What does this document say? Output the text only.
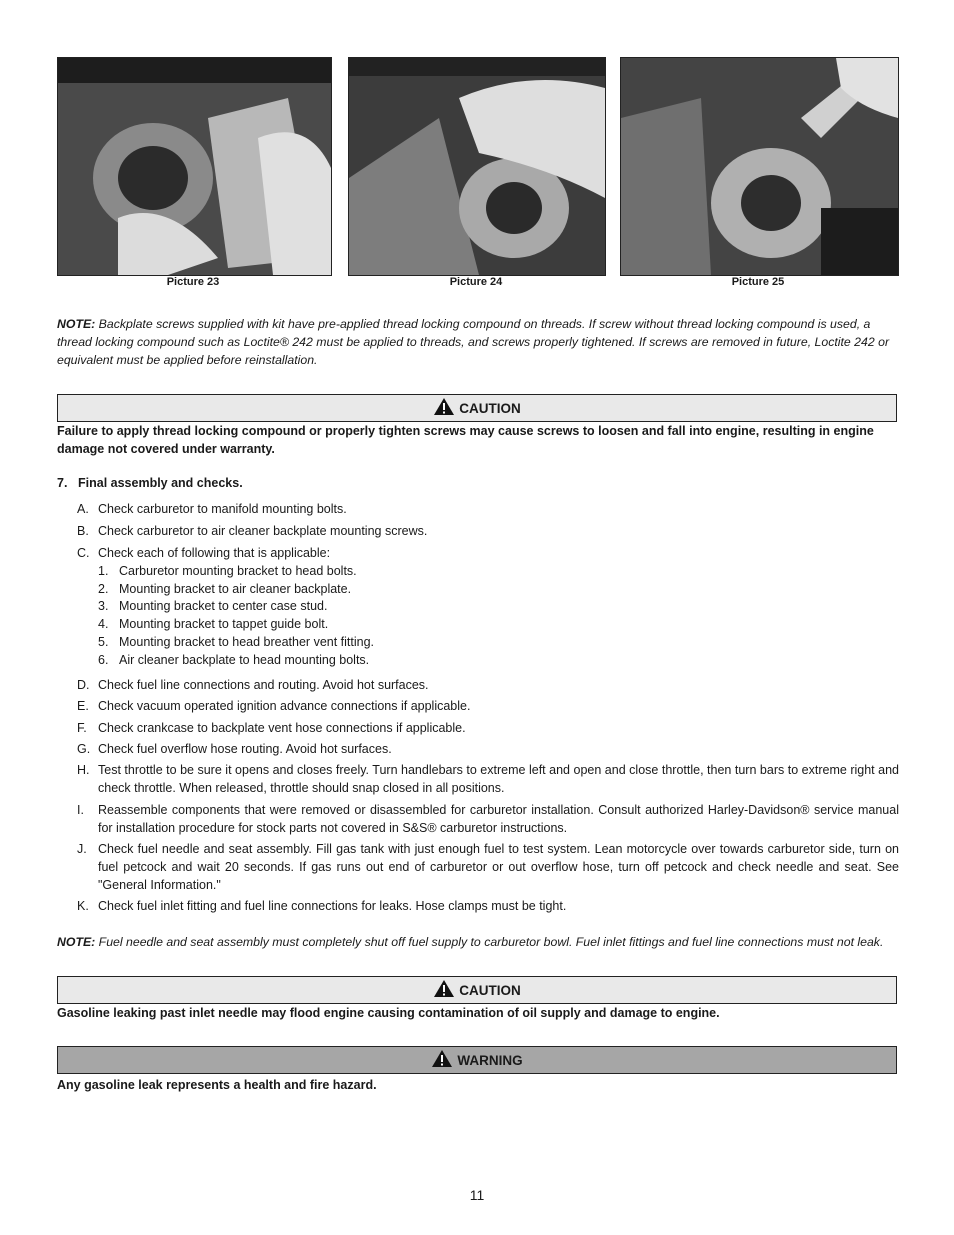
Picture 23	Picture 24	Picture 25
NOTE: Backplate screws supplied with kit have pre-applied thread locking compound on threads. If screw without thread locking compound is used, a thread locking compound such as Loctite® 242 must be applied to threads, and screws properly tightened. If screws are removed in future, Loctite 242 or equivalent must be applied before reinstallation.
CAUTION
Failure to apply thread locking compound or properly tighten screws may cause screws to loosen and fall into engine, resulting in engine damage not covered under warranty.
7. Final assembly and checks.
A. Check carburetor to manifold mounting bolts.
B. Check carburetor to air cleaner backplate mounting screws.
C. Check each of following that is applicable:
1. Carburetor mounting bracket to head bolts.
2. Mounting bracket to air cleaner backplate.
3. Mounting bracket to center case stud.
4. Mounting bracket to tappet guide bolt.
5. Mounting bracket to head breather vent fitting.
6. Air cleaner backplate to head mounting bolts.
D. Check fuel line connections and routing. Avoid hot surfaces.
E. Check vacuum operated ignition advance connections if applicable.
F. Check crankcase to backplate vent hose connections if applicable.
G. Check fuel overflow hose routing. Avoid hot surfaces.
H. Test throttle to be sure it opens and closes freely. Turn handlebars to extreme left and open and close throttle, then turn bars to extreme right and check throttle. When released, throttle should snap closed in all positions.
I.	Reassemble components that were removed or disassembled for carburetor installation. Consult authorized Harley-Davidson® service manual for installation procedure for stock parts not covered in S&S® carburetor instructions.
J. Check fuel needle and seat assembly. Fill gas tank with just enough fuel to test system. Lean motorcycle over towards carburetor side, turn on fuel petcock and wait 20 seconds. If gas runs out end of carburetor or out overflow hose, turn off petcock and check needle and seat. See "General Information."
K. Check fuel inlet fitting and fuel line connections for leaks. Hose clamps must be tight.
NOTE: Fuel needle and seat assembly must completely shut off fuel supply to carburetor bowl. Fuel inlet fittings and fuel line connections must not leak.
CAUTION
Gasoline leaking past inlet needle may flood engine causing contamination of oil supply and damage to engine.
WARNING
Any gasoline leak represents a health and fire hazard.
11
